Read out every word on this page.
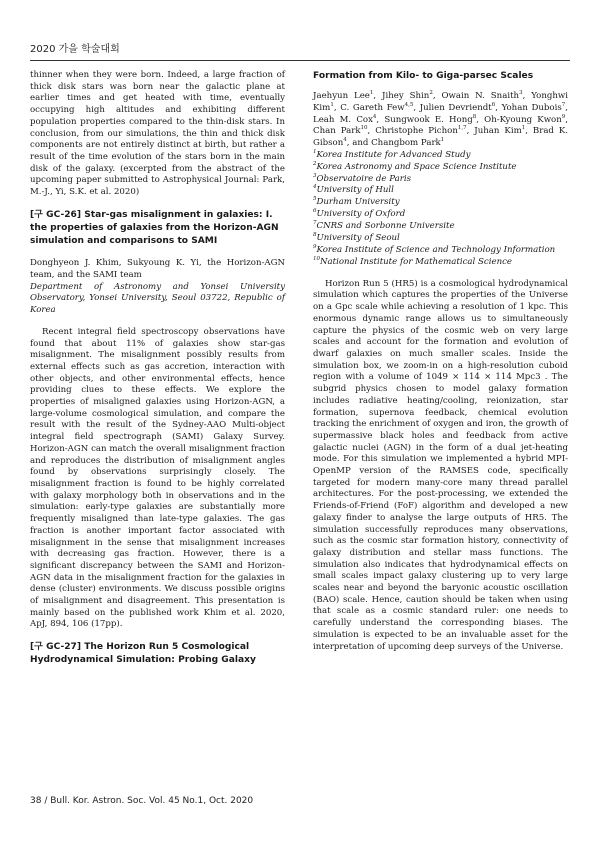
2020 가을 학술대회

thinner when they were born. Indeed, a large fraction of thick disk stars was born near the galactic plane at earlier times and get heated with time, eventually occupying high altitudes and exhibiting different population properties compared to the thin-disk stars. In conclusion, from our simulations, the thin and thick disk components are not entirely distinct at birth, but rather a result of the time evolution of the stars born in the main disk of the galaxy. (excerpted from the abstract of the upcoming paper submitted to Astrophysical Journal: Park, M.-J., Yi, S.K. et al. 2020)

[구 GC-26] Star-gas misalignment in galaxies: I. the properties of galaxies from the Horizon-AGN simulation and comparisons to SAMI

Donghyeon J. Khim, Sukyoung K. Yi, the Horizon-AGN team, and the SAMI team

Department of Astronomy and Yonsei University Observatory, Yonsei University, Seoul 03722, Republic of Korea

Recent integral field spectroscopy observations have found that about 11% of galaxies show star-gas misalignment. The misalignment possibly results from external effects such as gas accretion, interaction with other objects, and other environmental effects, hence providing clues to these effects. We explore the properties of misaligned galaxies using Horizon-AGN, a large-volume cosmological simulation, and compare the result with the result of the Sydney-AAO Multi-object integral field spectrograph (SAMI) Galaxy Survey. Horizon-AGN can match the overall misalignment fraction and reproduces the distribution of misalignment angles found by observations surprisingly closely. The misalignment fraction is found to be highly correlated with galaxy morphology both in observations and in the simulation: early-type galaxies are substantially more frequently misaligned than late-type galaxies. The gas fraction is another important factor associated with misalignment in the sense that misalignment increases with decreasing gas fraction. However, there is a significant discrepancy between the SAMI and Horizon-AGN data in the misalignment fraction for the galaxies in dense (cluster) environments. We discuss possible origins of misalignment and disagreement. This presentation is mainly based on the published work Khim et al. 2020, ApJ, 894, 106 (17pp).

[구 GC-27] The Horizon Run 5 Cosmological Hydrodynamical Simulation: Probing Galaxy
Formation from Kilo- to Giga-parsec Scales

Jaehyun Lee$^1$, Jihey Shin$^2$, Owain N. Snaith$^3$, Yonghwi Kim$^1$, C. Gareth Few$^{4,5}$, Julien Devriendt$^6$, Yohan Dubois$^7$, Leah M. Cox$^4$, Sungwook E. Hong$^8$, Oh-Kyoung Kwon$^9$, Chan Park$^{10}$, Christophe Pichon$^{1,7}$, Juhan Kim$^1$, Brad K. Gibson$^4$, and Changbom Park$^1$

$^1$Korea Institute for Advanced Study
$^2$Korea Astronomy and Space Science Institute
$^3$Observatoire de Paris
$^4$University of Hull
$^5$Durham University
$^6$University of Oxford
$^7$CNRS and Sorbonne Universite
$^8$University of Seoul
$^9$Korea Institute of Science and Technology Information
$^{10}$National Institute for Mathematical Science

Horizon Run 5 (HR5) is a cosmological hydrodynamical simulation which captures the properties of the Universe on a Gpc scale while achieving a resolution of 1 kpc. This enormous dynamic range allows us to simultaneously capture the physics of the cosmic web on very large scales and account for the formation and evolution of dwarf galaxies on much smaller scales. Inside the simulation box, we zoom-in on a high-resolution cuboid region with a volume of 1049 × 114 × 114 Mpc3 . The subgrid physics chosen to model galaxy formation includes radiative heating/cooling, reionization, star formation, supernova feedback, chemical evolution tracking the enrichment of oxygen and iron, the growth of supermassive black holes and feedback from active galactic nuclei (AGN) in the form of a dual jet-heating mode. For this simulation we implemented a hybrid MPI-OpenMP version of the RAMSES code, specifically targeted for modern many-core many thread parallel architectures. For the post-processing, we extended the Friends-of-Friend (FoF) algorithm and developed a new galaxy finder to analyse the large outputs of HR5. The simulation successfully reproduces many observations, such as the cosmic star formation history, connectivity of galaxy distribution and stellar mass functions. The simulation also indicates that hydrodynamical effects on small scales impact galaxy clustering up to very large scales near and beyond the baryonic acoustic oscillation (BAO) scale. Hence, caution should be taken when using that scale as a cosmic standard ruler: one needs to carefully understand the corresponding biases. The simulation is expected to be an invaluable asset for the interpretation of upcoming deep surveys of the Universe.

38 / Bull. Kor. Astron. Soc. Vol. 45 No.1, Oct. 2020
